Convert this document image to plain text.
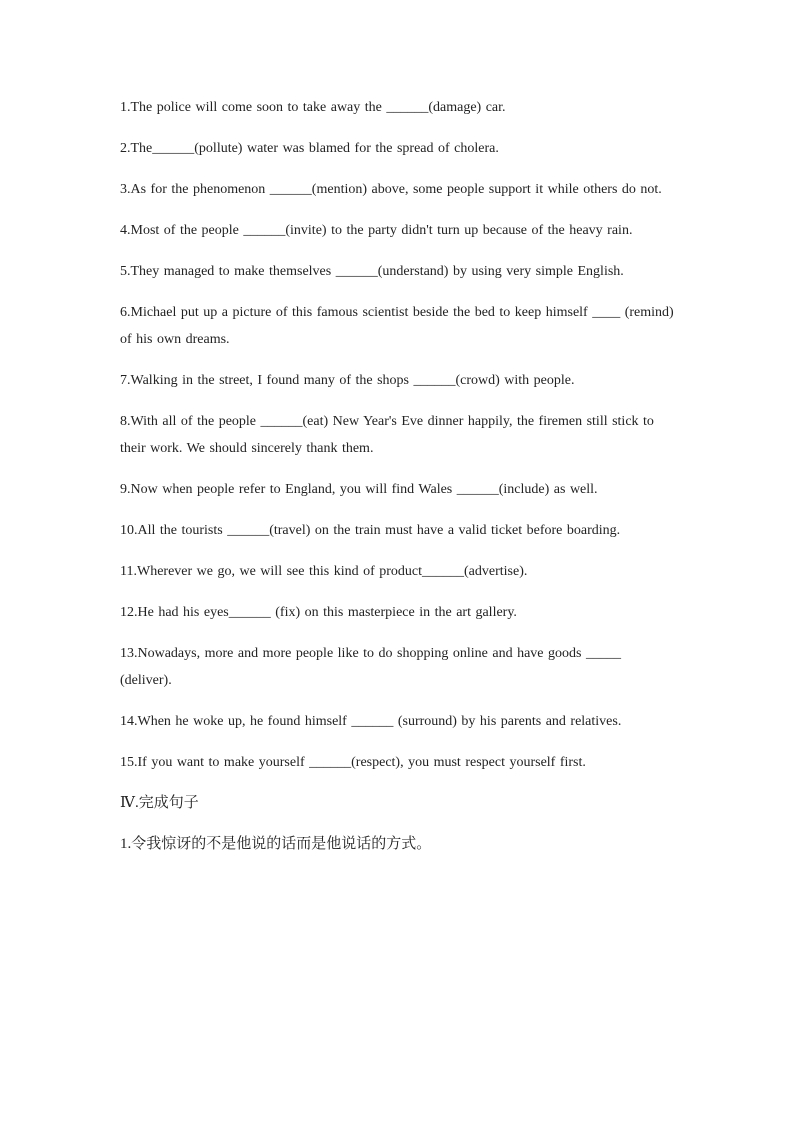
1.The police will come soon to take away the ______(damage) car.

2.The______(pollute) water was blamed for the spread of cholera.

3.As for the phenomenon ______(mention) above, some people support it while others do not.

4.Most of the people ______(invite) to the party didn't turn up because of the heavy rain.

5.They managed to make themselves ______(understand) by using very simple English.

6.Michael put up a picture of this famous scientist beside the bed to keep himself ____ (remind) of his own dreams.

7.Walking in the street, I found many of the shops ______(crowd) with people.

8.With all of the people ______(eat) New Year's Eve dinner happily, the firemen still stick to their work. We should sincerely thank them.

9.Now when people refer to England, you will find Wales ______(include) as well.

10.All the tourists ______(travel) on the train must have a valid ticket before boarding.

11.Wherever we go, we will see this kind of product______(advertise).

12.He had his eyes______ (fix) on this masterpiece in the art gallery.

13.Nowadays, more and more people like to do shopping online and have goods _____ (deliver).

14.When he woke up, he found himself ______ (surround) by his parents and relatives.

15.If you want to make yourself ______(respect), you must respect yourself first.

Ⅳ.完成句子

1.令我惊讶的不是他说的话而是他说话的方式。
